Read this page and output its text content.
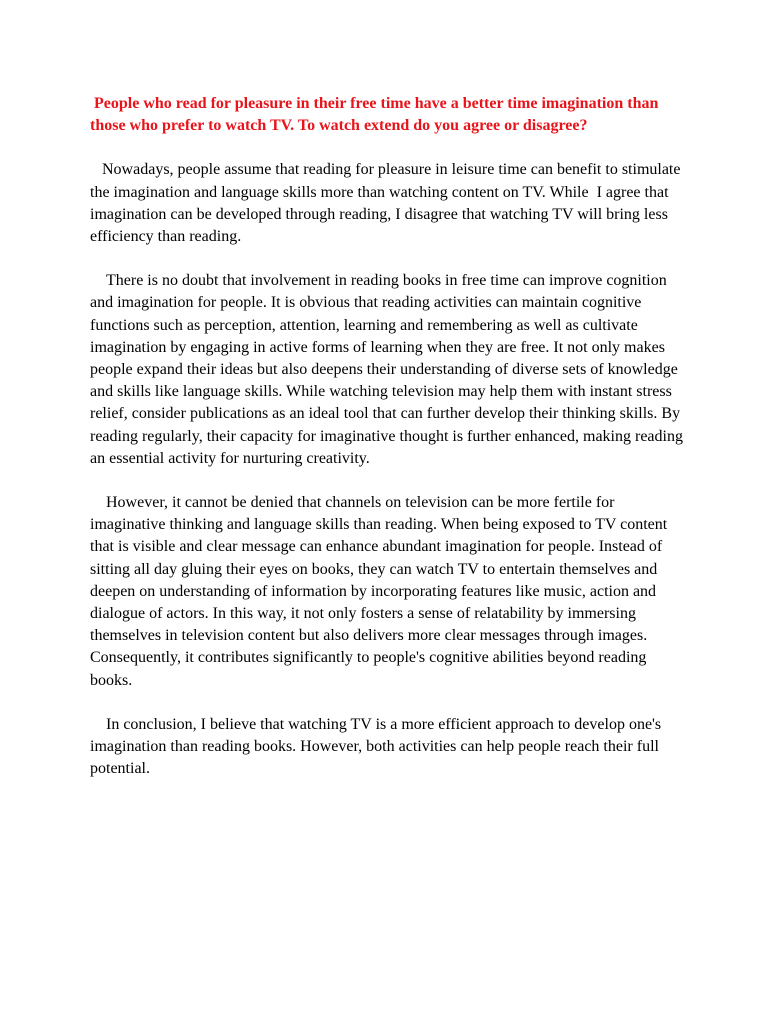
People who read for pleasure in their free time have a better time imagination than those who prefer to watch TV. To watch extend do you agree or disagree?

Nowadays, people assume that reading for pleasure in leisure time can benefit to stimulate the imagination and language skills more than watching content on TV. While  I agree that imagination can be developed through reading, I disagree that watching TV will bring less efficiency than reading.

There is no doubt that involvement in reading books in free time can improve cognition and imagination for people. It is obvious that reading activities can maintain cognitive functions such as perception, attention, learning and remembering as well as cultivate imagination by engaging in active forms of learning when they are free. It not only makes people expand their ideas but also deepens their understanding of diverse sets of knowledge and skills like language skills. While watching television may help them with instant stress relief, consider publications as an ideal tool that can further develop their thinking skills. By reading regularly, their capacity for imaginative thought is further enhanced, making reading an essential activity for nurturing creativity.

However, it cannot be denied that channels on television can be more fertile for imaginative thinking and language skills than reading. When being exposed to TV content that is visible and clear message can enhance abundant imagination for people. Instead of sitting all day gluing their eyes on books, they can watch TV to entertain themselves and deepen on understanding of information by incorporating features like music, action and dialogue of actors. In this way, it not only fosters a sense of relatability by immersing themselves in television content but also delivers more clear messages through images. Consequently, it contributes significantly to people's cognitive abilities beyond reading books.

In conclusion, I believe that watching TV is a more efficient approach to develop one's imagination than reading books. However, both activities can help people reach their full potential.
